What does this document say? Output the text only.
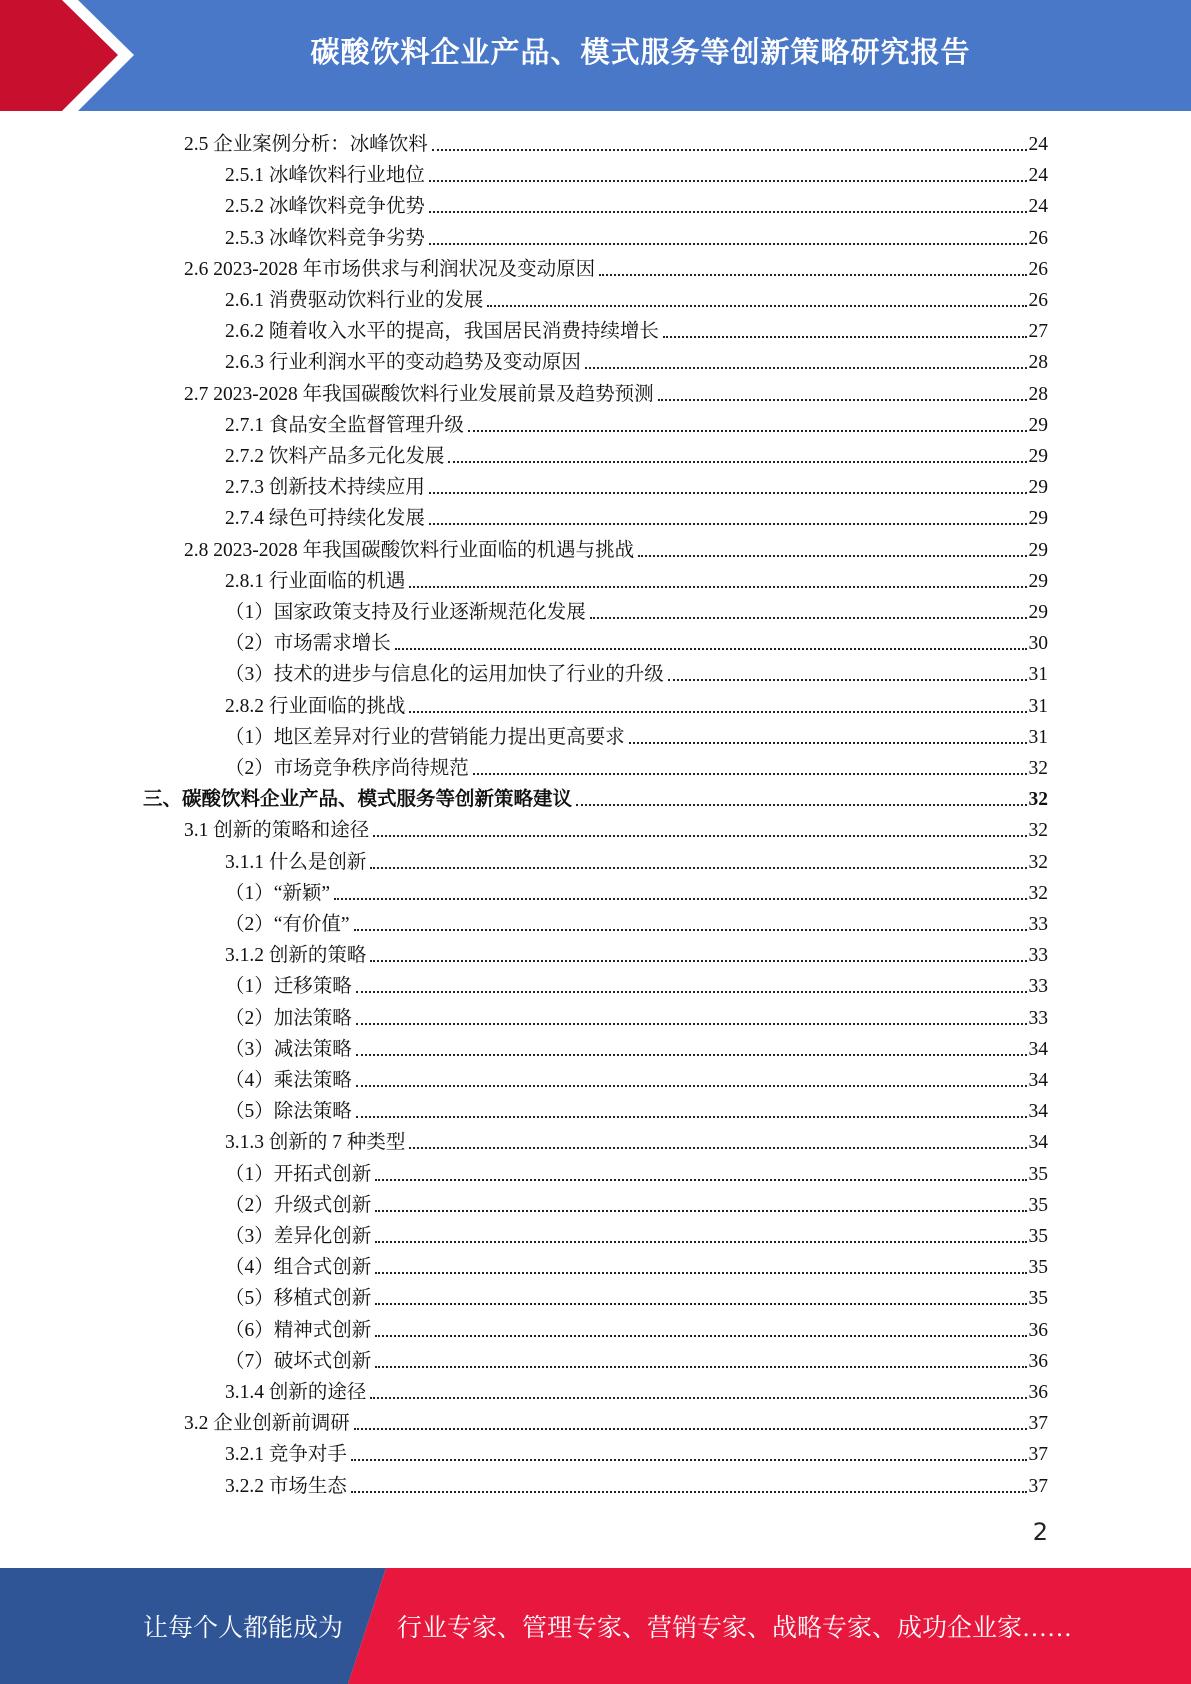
碳酸饮料企业产品、模式服务等创新策略研究报告
2.5 企业案例分析：冰峰饮料	24
2.5.1 冰峰饮料行业地位	24
2.5.2 冰峰饮料竞争优势	24
2.5.3 冰峰饮料竞争劣势	26
2.6 2023-2028 年市场供求与利润状况及变动原因	26
2.6.1 消费驱动饮料行业的发展	26
2.6.2 随着收入水平的提高，我国居民消费持续增长	27
2.6.3 行业利润水平的变动趋势及变动原因	28
2.7 2023-2028 年我国碳酸饮料行业发展前景及趋势预测	28
2.7.1 食品安全监督管理升级	29
2.7.2 饮料产品多元化发展	29
2.7.3 创新技术持续应用	29
2.7.4 绿色可持续化发展	29
2.8 2023-2028 年我国碳酸饮料行业面临的机遇与挑战	29
2.8.1 行业面临的机遇	29
（1）国家政策支持及行业逐渐规范化发展	29
（2）市场需求增长	30
（3）技术的进步与信息化的运用加快了行业的升级	31
2.8.2 行业面临的挑战	31
（1）地区差异对行业的营销能力提出更高要求	31
（2）市场竞争秩序尚待规范	32
三、碳酸饮料企业产品、模式服务等创新策略建议	32
3.1 创新的策略和途径	32
3.1.1 什么是创新	32
（1）“新颖”	32
（2）“有价值”	33
3.1.2 创新的策略	33
（1）迁移策略	33
（2）加法策略	33
（3）减法策略	34
（4）乘法策略	34
（5）除法策略	34
3.1.3 创新的 7 种类型	34
（1）开拓式创新	35
（2）升级式创新	35
（3）差异化创新	35
（4）组合式创新	35
（5）移植式创新	35
（6）精神式创新	36
（7）破坏式创新	36
3.1.4 创新的途径	36
3.2 企业创新前调研	37
3.2.1 竞争对手	37
3.2.2 市场生态	37
2
让每个人都能成为 行业专家、管理专家、营销专家、战略专家、成功企业家……
